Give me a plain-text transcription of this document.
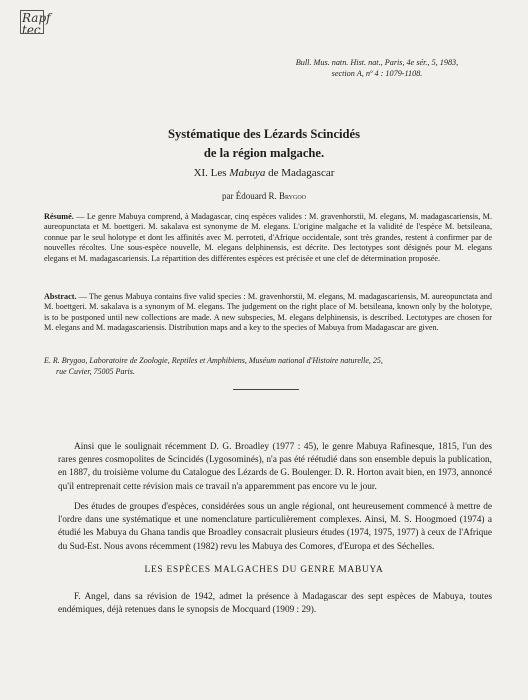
Rapf
tec
Bull. Mus. natn. Hist. nat., Paris, 4e sér., 5, 1983,
section A, nº 4 : 1079-1108.
Systématique des Lézards Scincidés
de la région malgache.
XI. Les Mabuya de Madagascar
par Édouard R. Brygoo
Résumé. — Le genre Mabuya comprend, à Madagascar, cinq espèces valides : M. gravenhorstii, M. elegans, M. madagascariensis, M. aureopunctata et M. boettgeri. M. sakalava est synonyme de M. elegans. L'origine malgache et la validité de l'espèce M. betsileana, connue par le seul holotype et dont les affinités avec M. perroteti, d'Afrique occidentale, sont très grandes, restent à confirmer par de nouvelles récoltes. Une sous-espèce nouvelle, M. elegans delphinensis, est décrite. Des lectotypes sont désignés pour M. elegans elegans et M. madagascariensis. La répartition des différentes espèces est précisée et une clef de détermination proposée.
Abstract. — The genus Mabuya contains five valid species : M. gravenhorstii, M. elegans, M. madagascariensis, M. aureopunctata and M. boettgeri. M. sakalava is a synonym of M. elegans. The judgement on the right place of M. betsileana, known only by the holotype, is to be postponed until new collections are made. A new subspecies, M. elegans delphinensis, is described. Lectotypes are chosen for M. elegans and M. madagascariensis. Distribution maps and a key to the species of Mabuya from Madagascar are given.
E. R. Brygoo, Laboratoire de Zoologie, Reptiles et Amphibiens, Muséum national d'Histoire naturelle, 25,
rue Cuvier, 75005 Paris.
Ainsi que le soulignait récemment D. G. Broadley (1977 : 45), le genre Mabuya Rafinesque, 1815, l'un des rares genres cosmopolites de Scincidés (Lygosominés), n'a pas été réétudié dans son ensemble depuis la publication, en 1887, du troisième volume du Catalogue des Lézards de G. Boulenger. D. R. Horton avait bien, en 1973, annoncé qu'il entreprenait cette révision mais ce travail n'a apparemment pas encore vu le jour.
Des études de groupes d'espèces, considérées sous un angle régional, ont heureusement commencé à mettre de l'ordre dans une systématique et une nomenclature particulièrement complexes. Ainsi, M. S. Hoogmoed (1974) a étudié les Mabuya du Ghana tandis que Broadley consacrait plusieurs études (1974, 1975, 1977) à ceux de l'Afrique du Sud-Est. Nous avons récemment (1982) revu les Mabuya des Comores, d'Europa et des Séchelles.
LES ESPÈCES MALGACHES DU GENRE MABUYA
F. Angel, dans sa révision de 1942, admet la présence à Madagascar des sept espèces de Mabuya, toutes endémiques, déjà retenues dans le synopsis de Mocquard (1909 : 29).
